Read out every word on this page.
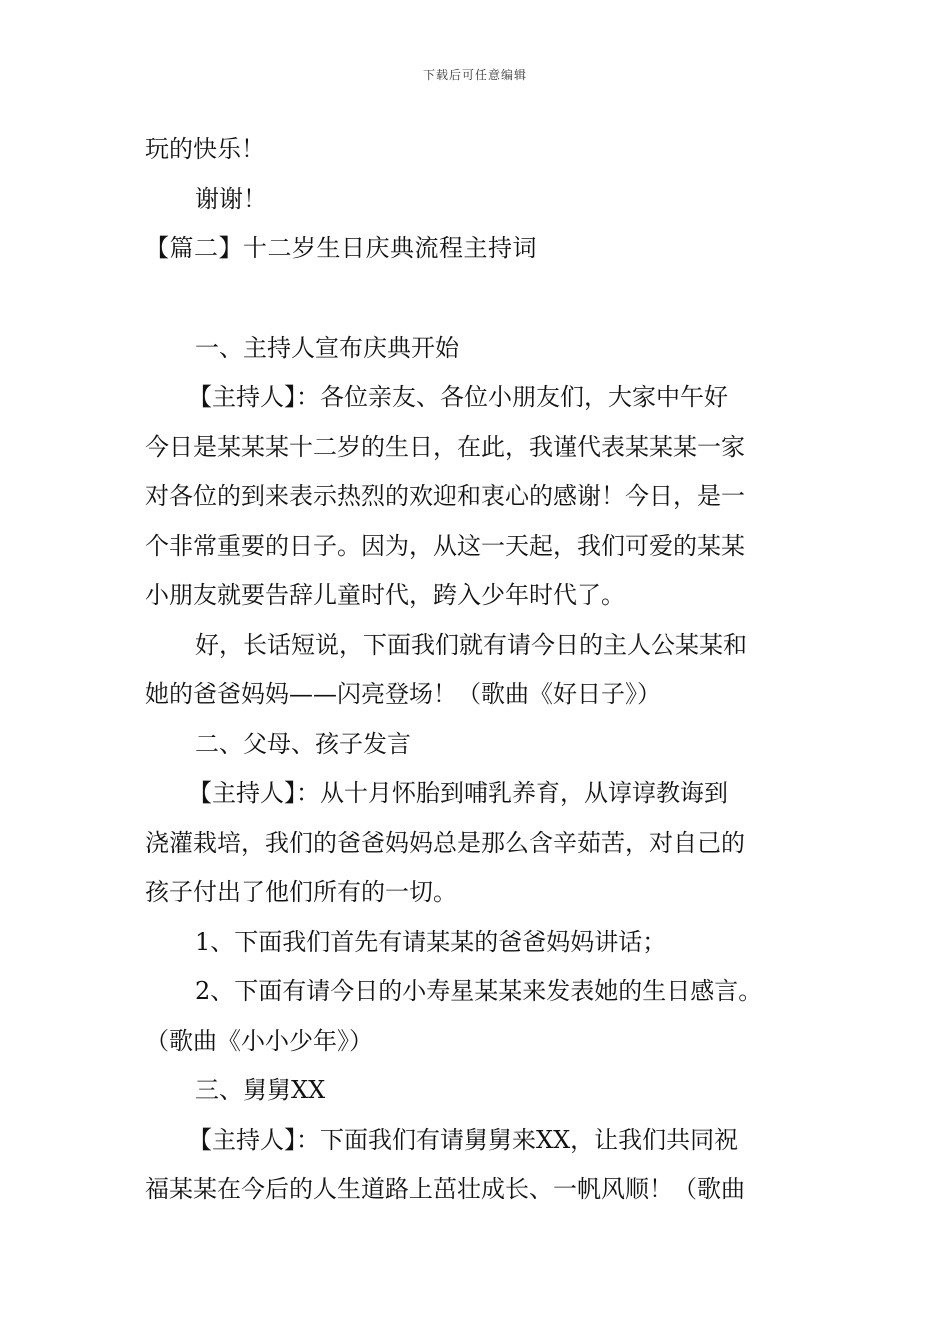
下载后可任意编辑
玩的快乐！
谢谢！
【篇二】十二岁生日庆典流程主持词
一、主持人宣布庆典开始
【主持人】：各位亲友、各位小朋友们，大家中午好
今日是某某某十二岁的生日，在此，我谨代表某某某一家
对各位的到来表示热烈的欢迎和衷心的感谢！今日，是一
个非常重要的日子。因为，从这一天起，我们可爱的某某
小朋友就要告辞儿童时代，跨入少年时代了。
好，长话短说，下面我们就有请今日的主人公某某和
她的爸爸妈妈——闪亮登场！（歌曲《好日子》）
二、父母、孩子发言
【主持人】：从十月怀胎到哺乳养育，从谆谆教诲到
浇灌栽培，我们的爸爸妈妈总是那么含辛茹苦，对自己的
孩子付出了他们所有的一切。
1、下面我们首先有请某某的爸爸妈妈讲话；
2、下面有请今日的小寿星某某来发表她的生日感言。
（歌曲《小小少年》）
三、舅舅XX
【主持人】：下面我们有请舅舅来XX，让我们共同祝
福某某在今后的人生道路上茁壮成长、一帆风顺！（歌曲
